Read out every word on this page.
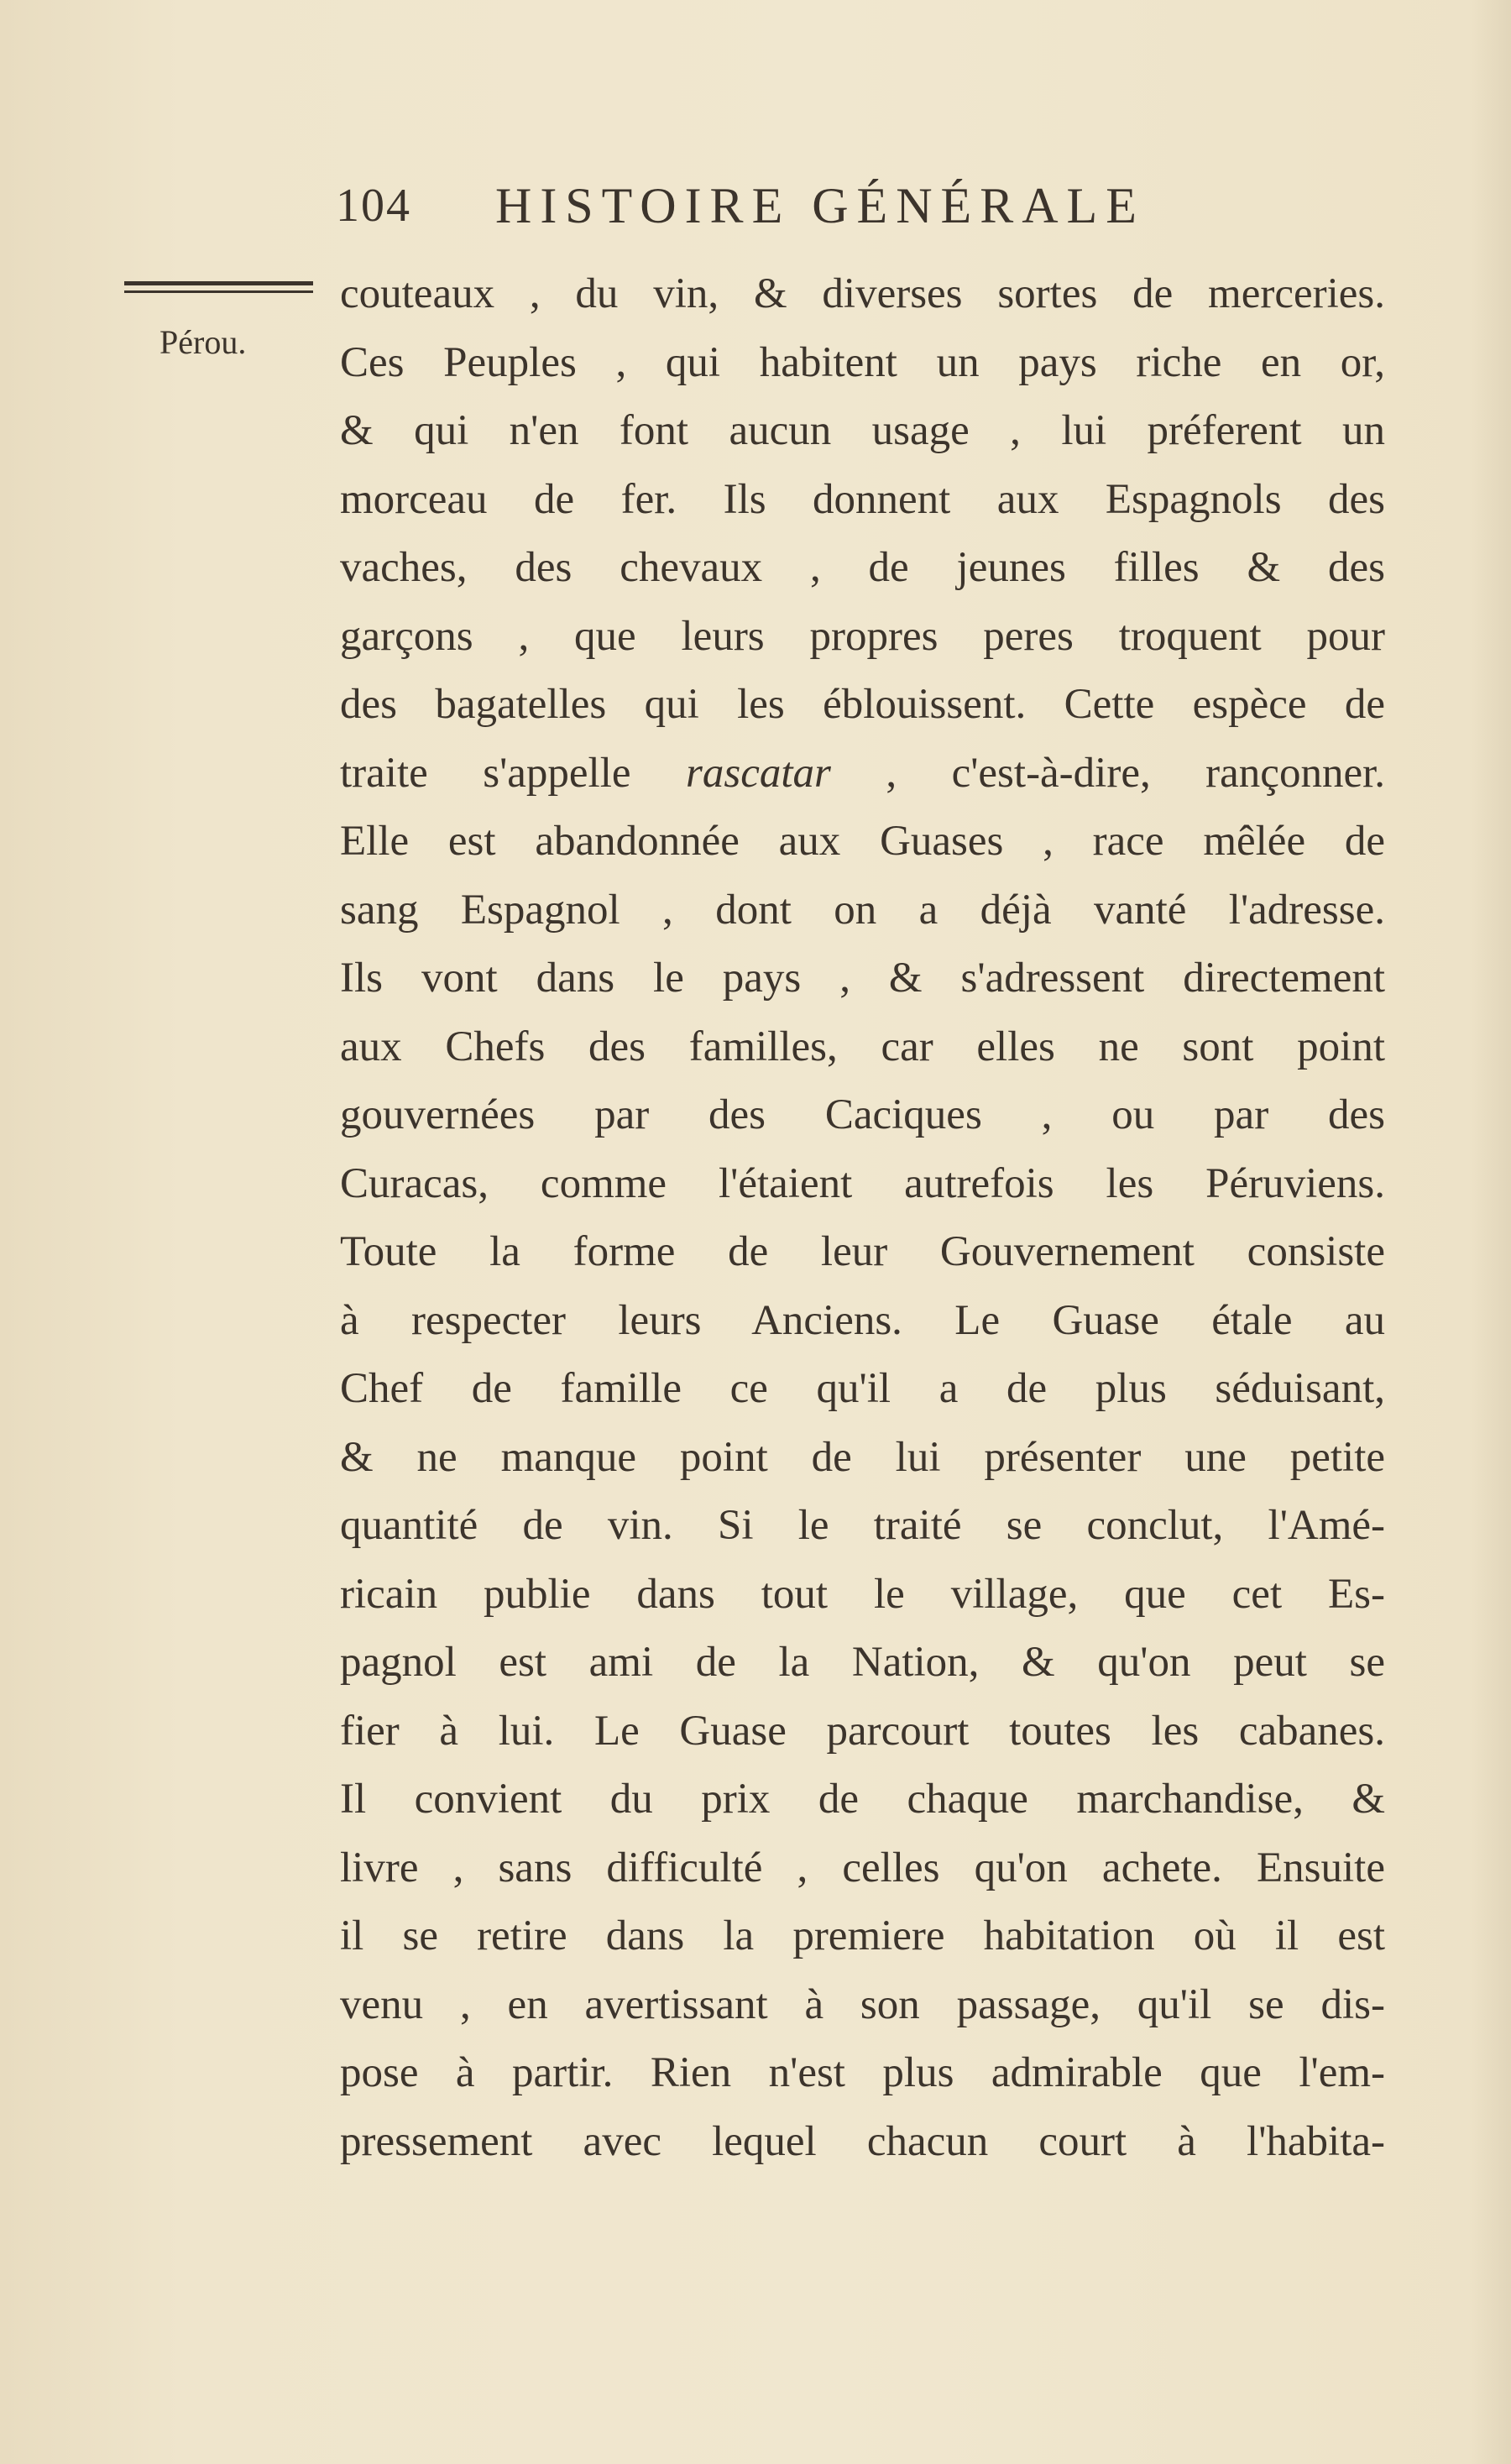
104 HISTOIRE GÉNÉRALE
Pérou.
couteaux , du vin, & diverses sortes de merceries.
Ces Peuples , qui habitent un pays riche en or,
& qui n'en font aucun usage , lui préferent un
morceau de fer. Ils donnent aux Espagnols des
vaches, des chevaux , de jeunes filles & des
garçons , que leurs propres peres troquent pour
des bagatelles qui les éblouissent. Cette espèce de
traite s'appelle rascatar , c'est-à-dire, rançonner.
Elle est abandonnée aux Guases , race mêlée de
sang Espagnol , dont on a déjà vanté l'adresse.
Ils vont dans le pays , & s'adressent directement
aux Chefs des familles, car elles ne sont point
gouvernées par des Caciques , ou par des
Curacas, comme l'étaient autrefois les Péruviens.
Toute la forme de leur Gouvernement consiste
à respecter leurs Anciens. Le Guase étale au
Chef de famille ce qu'il a de plus séduisant,
& ne manque point de lui présenter une petite
quantité de vin. Si le traité se conclut, l'Amé-
ricain publie dans tout le village, que cet Es-
pagnol est ami de la Nation, & qu'on peut se
fier à lui. Le Guase parcourt toutes les cabanes.
Il convient du prix de chaque marchandise, &
livre , sans difficulté , celles qu'on achete. Ensuite
il se retire dans la premiere habitation où il est
venu , en avertissant à son passage, qu'il se dis-
pose à partir. Rien n'est plus admirable que l'em-
pressement avec lequel chacun court à l'habita-
